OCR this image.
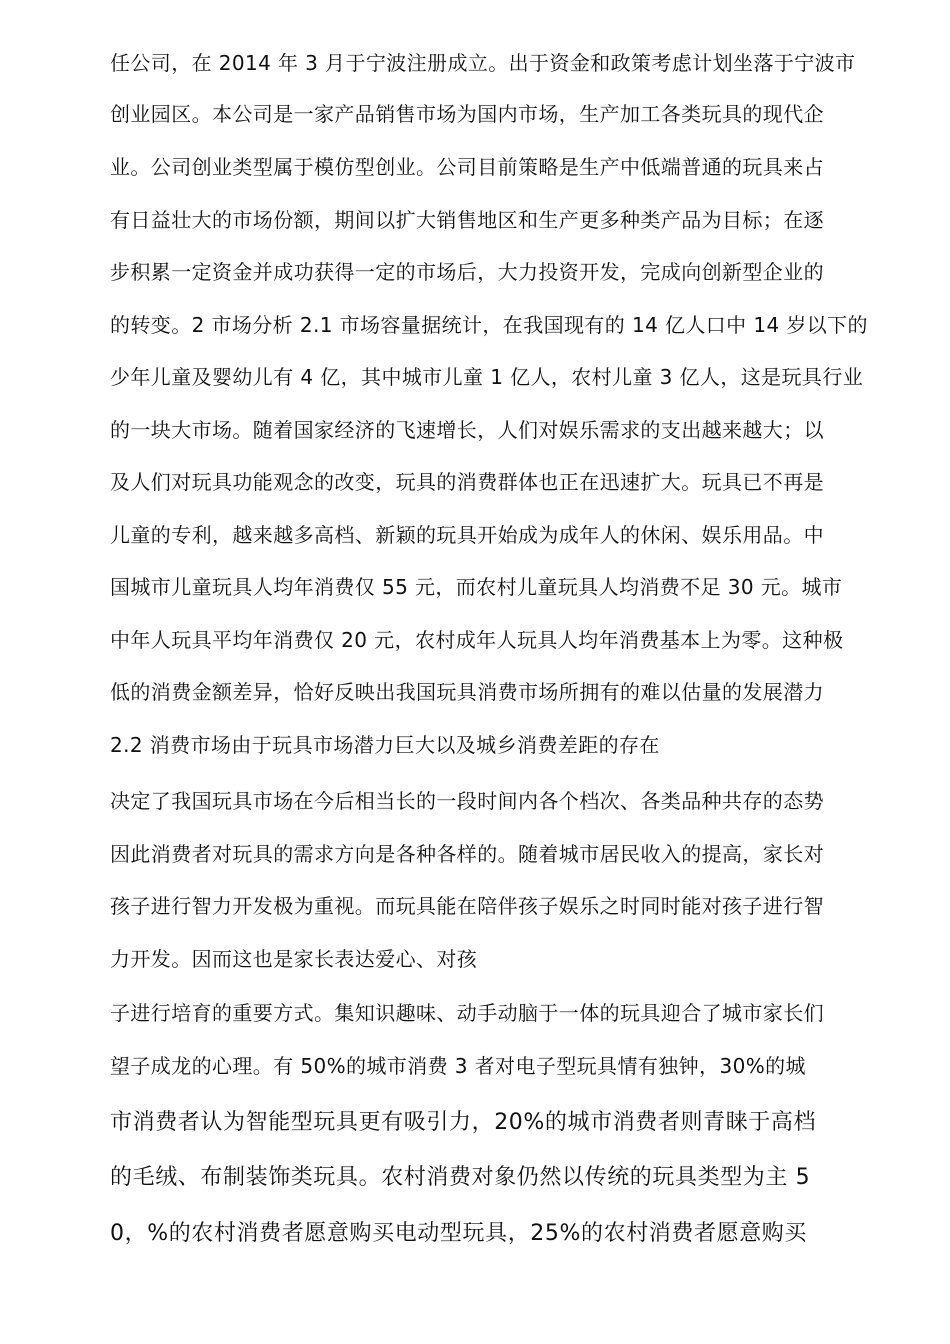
任公司，在 2014 年 3 月于宁波注册成立。出于资金和政策考虑计划坐落于宁波市
创业园区。本公司是一家产品销售市场为国内市场，生产加工各类玩具的现代企
业。公司创业类型属于模仿型创业。公司目前策略是生产中低端普通的玩具来占
有日益壮大的市场份额，期间以扩大销售地区和生产更多种类产品为目标；在逐
步积累一定资金并成功获得一定的市场后，大力投资开发，完成向创新型企业的
的转变。2 市场分析 2.1 市场容量据统计，在我国现有的 14 亿人口中 14 岁以下的
少年儿童及婴幼儿有 4 亿，其中城市儿童 1 亿人，农村儿童 3 亿人，这是玩具行业
的一块大市场。随着国家经济的飞速增长，人们对娱乐需求的支出越来越大；以
及人们对玩具功能观念的改变，玩具的消费群体也正在迅速扩大。玩具已不再是
儿童的专利，越来越多高档、新颖的玩具开始成为成年人的休闲、娱乐用品。中
国城市儿童玩具人均年消费仅 55 元，而农村儿童玩具人均消费不足 30 元。城市
中年人玩具平均年消费仅 20 元，农村成年人玩具人均年消费基本上为零。这种极
低的消费金额差异，恰好反映出我国玩具消费市场所拥有的难以估量的发展潜力
2.2 消费市场由于玩具市场潜力巨大以及城乡消费差距的存在
决定了我国玩具市场在今后相当长的一段时间内各个档次、各类品种共存的态势
因此消费者对玩具的需求方向是各种各样的。随着城市居民收入的提高，家长对
孩子进行智力开发极为重视。而玩具能在陪伴孩子娱乐之时同时能对孩子进行智
力开发。因而这也是家长表达爱心、对孩
子进行培育的重要方式。集知识趣味、动手动脑于一体的玩具迎合了城市家长们
望子成龙的心理。有 50%的城市消费 3 者对电子型玩具情有独钟，30%的城
市消费者认为智能型玩具更有吸引力，20%的城市消费者则青睐于高档
的毛绒、布制装饰类玩具。农村消费对象仍然以传统的玩具类型为主 5
0，%的农村消费者愿意购买电动型玩具，25%的农村消费者愿意购买
